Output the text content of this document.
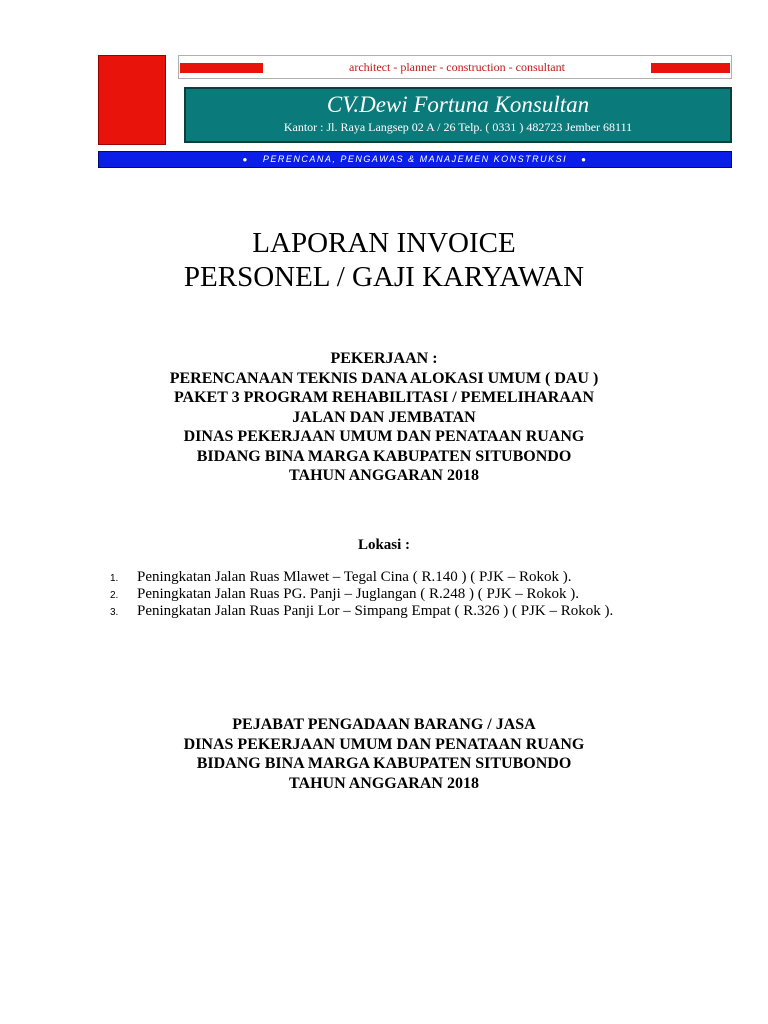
architect - planner - construction - consultant
CV.Dewi Fortuna Konsultan
Kantor : Jl. Raya Langsep 02 A / 26 Telp. ( 0331 ) 482723 Jember 68111
● PERENCANA, PENGAWAS & MANAJEMEN KONSTRUKSI ●
LAPORAN INVOICE
PERSONEL / GAJI KARYAWAN
PEKERJAAN :
PERENCANAAN TEKNIS DANA ALOKASI UMUM ( DAU )
PAKET 3 PROGRAM REHABILITASI / PEMELIHARAAN
JALAN DAN JEMBATAN
DINAS PEKERJAAN UMUM DAN PENATAAN RUANG
BIDANG BINA MARGA KABUPATEN SITUBONDO
TAHUN ANGGARAN 2018
Lokasi :
1. Peningkatan Jalan Ruas Mlawet – Tegal Cina ( R.140 ) ( PJK – Rokok ).
2. Peningkatan Jalan Ruas PG. Panji – Juglangan ( R.248 ) ( PJK – Rokok ).
3. Peningkatan Jalan Ruas Panji Lor – Simpang Empat ( R.326 ) ( PJK – Rokok ).
PEJABAT PENGADAAN BARANG / JASA
DINAS PEKERJAAN UMUM DAN PENATAAN RUANG
BIDANG BINA MARGA KABUPATEN SITUBONDO
TAHUN ANGGARAN 2018
